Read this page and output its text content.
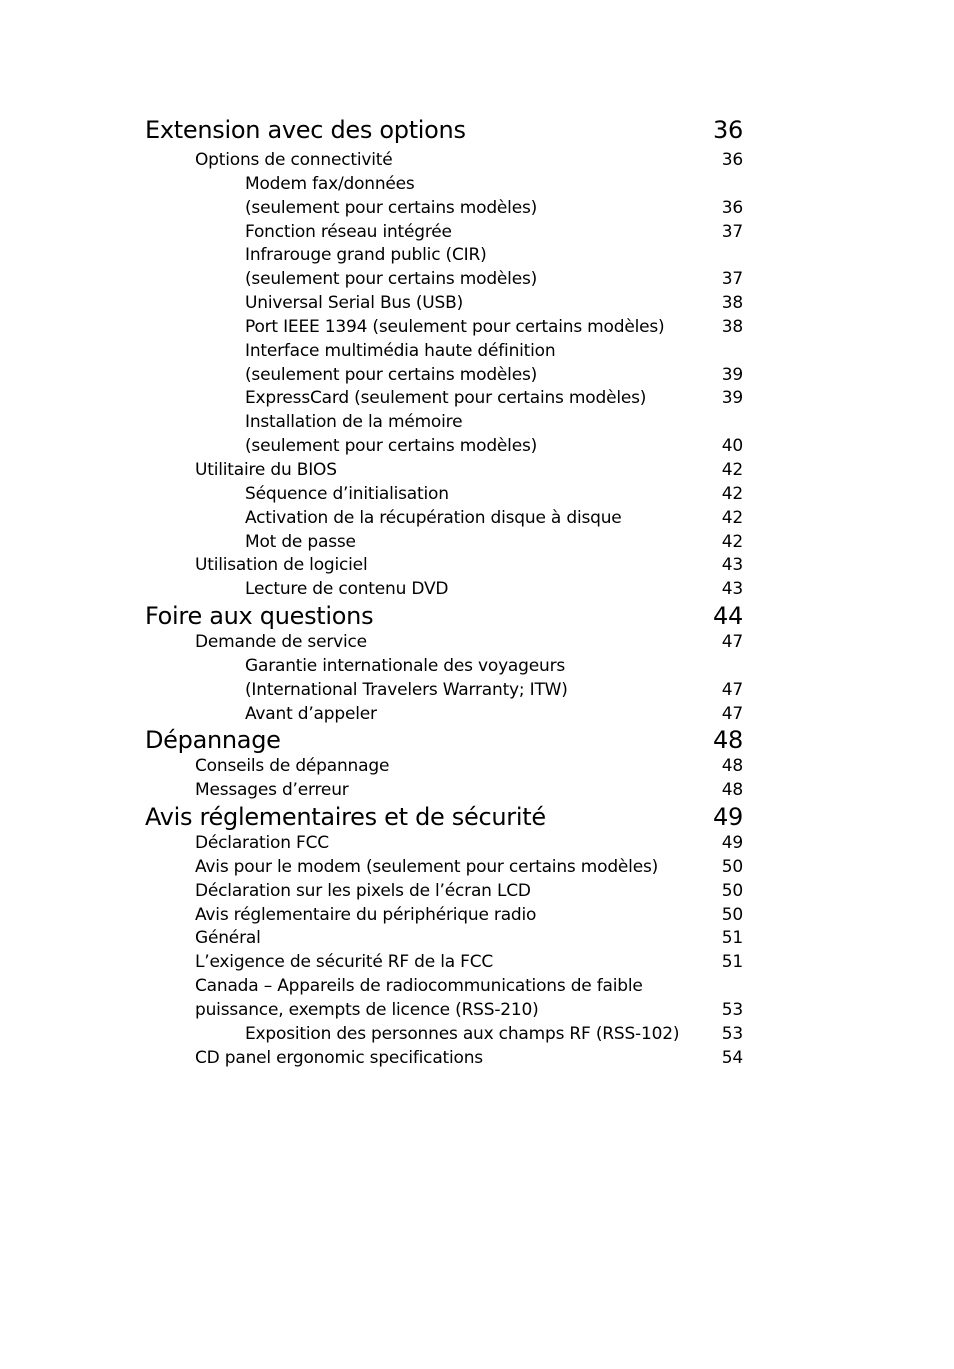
Extension avec des options	36
Options de connectivité	36
Modem fax/données
(seulement pour certains modèles)	36
Fonction réseau intégrée	37
Infrarouge grand public (CIR)
(seulement pour certains modèles)	37
Universal Serial Bus (USB)	38
Port IEEE 1394 (seulement pour certains modèles)	38
Interface multimédia haute définition
(seulement pour certains modèles)	39
ExpressCard (seulement pour certains modèles)	39
Installation de la mémoire
(seulement pour certains modèles)	40
Utilitaire du BIOS	42
Séquence d’initialisation	42
Activation de la récupération disque à disque	42
Mot de passe	42
Utilisation de logiciel	43
Lecture de contenu DVD	43
Foire aux questions	44
Demande de service	47
Garantie internationale des voyageurs
(International Travelers Warranty; ITW)	47
Avant d’appeler	47
Dépannage	48
Conseils de dépannage	48
Messages d’erreur	48
Avis réglementaires et de sécurité	49
Déclaration FCC	49
Avis pour le modem (seulement pour certains modèles)	50
Déclaration sur les pixels de l’écran LCD	50
Avis réglementaire du périphérique radio	50
Général	51
L’exigence de sécurité RF de la FCC	51
Canada – Appareils de radiocommunications de faible
puissance, exempts de licence (RSS-210)	53
Exposition des personnes aux champs RF (RSS-102)	53
CD panel ergonomic specifications	54
